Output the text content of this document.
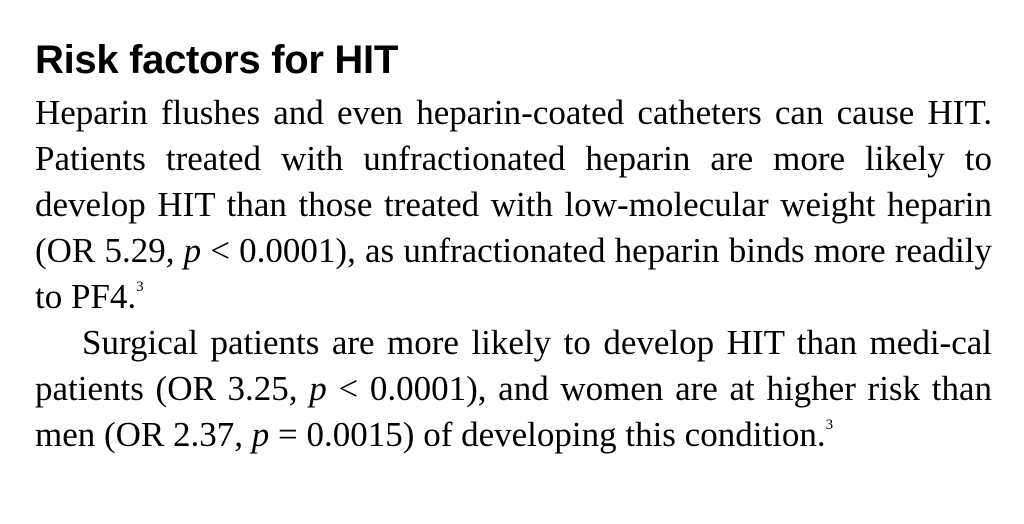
Risk factors for HIT

Heparin flushes and even heparin-coated catheters can cause HIT. Patients treated with unfractionated heparin are more likely to develop HIT than those treated with low-molecular weight heparin (OR 5.29, p < 0.0001), as unfractionated heparin binds more readily to PF4.$^3$

Surgical patients are more likely to develop HIT than medi-cal patients (OR 3.25, p < 0.0001), and women are at higher risk than men (OR 2.37, p = 0.0015) of developing this condition.$^3$
